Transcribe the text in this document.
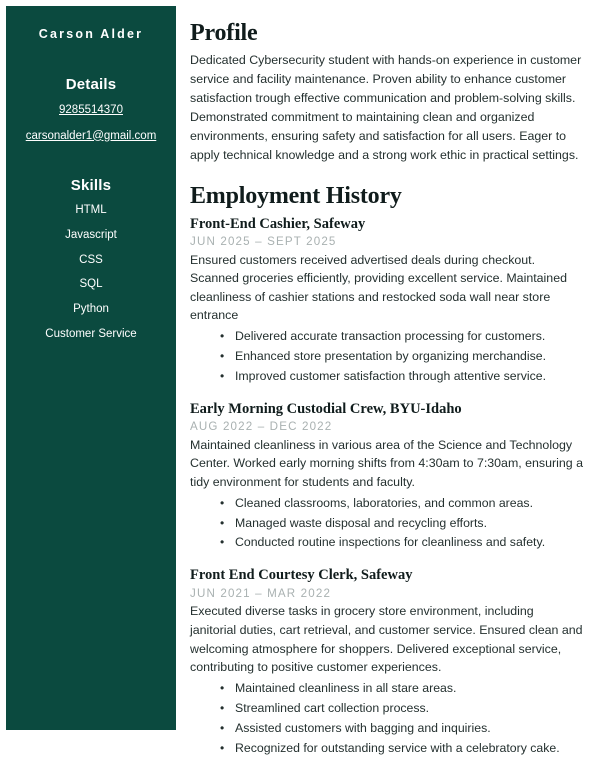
Carson Alder
Details
9285514370
carsonalder1@gmail.com
Skills
HTML
Javascript
CSS
SQL
Python
Customer Service
Profile

Dedicated Cybersecurity student with hands-on experience in customer service and facility maintenance. Proven ability to enhance customer satisfaction trough effective communication and problem-solving skills. Demonstrated commitment to maintaining clean and organized environments, ensuring safety and satisfaction for all users. Eager to apply technical knowledge and a strong work ethic in practical settings.

Employment History
Front-End Cashier, Safeway
JUN 2025 – SEPT 2025

Ensured customers received advertised deals during checkout. Scanned groceries efficiently, providing excellent service. Maintained cleanliness of cashier stations and restocked soda wall near store entrance

• Delivered accurate transaction processing for customers.
• Enhanced store presentation by organizing merchandise.
• Improved customer satisfaction through attentive service.
Early Morning Custodial Crew, BYU-Idaho
AUG 2022 – DEC 2022

Maintained cleanliness in various area of the Science and Technology Center. Worked early morning shifts from 4:30am to 7:30am, ensuring a tidy environment for students and faculty.

• Cleaned classrooms, laboratories, and common areas.
• Managed waste disposal and recycling efforts.
• Conducted routine inspections for cleanliness and safety.
Front End Courtesy Clerk, Safeway
JUN 2021 – MAR 2022

Executed diverse tasks in grocery store environment, including janitorial duties, cart retrieval, and customer service. Ensured clean and welcoming atmosphere for shoppers. Delivered exceptional service, contributing to positive customer experiences.

• Maintained cleanliness in all stare areas.
• Streamlined cart collection process.
• Assisted customers with bagging and inquiries.
• Recognized for outstanding service with a celebratory cake.
